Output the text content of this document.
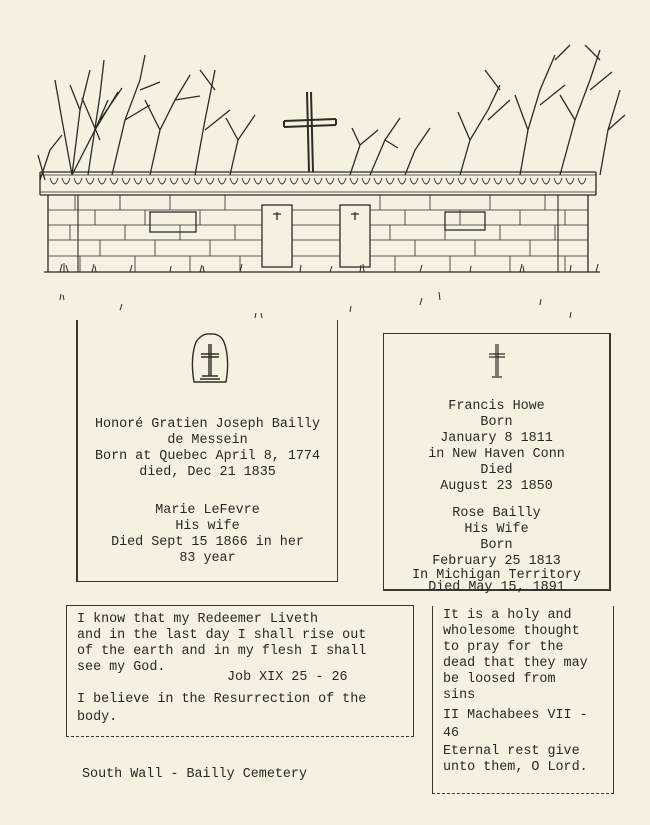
Honoré Gratien Joseph Bailly
de Messein
Born at Quebec April 8, 1774
died, Dec 21 1835
Marie LeFevre
His wife
Died Sept 15 1866 in her
83 year
Francis Howe
Born
January 8 1811
in New Haven Conn
Died
August 23 1850
Rose Bailly
His Wife
Born
February 25 1813
In Michigan Territory
Died May 15, 1891
I know that my Redeemer Liveth
and in the last day I shall rise out
of the earth and in my flesh I shall
see my God.
Job XIX 25 - 26
I believe in the Resurrection of the
body.
It is a holy and
wholesome thought
to pray for the
dead that they may
be loosed from
sins
II Machabees VII -
46
Eternal rest give
unto them, O Lord.
South Wall - Bailly Cemetery
